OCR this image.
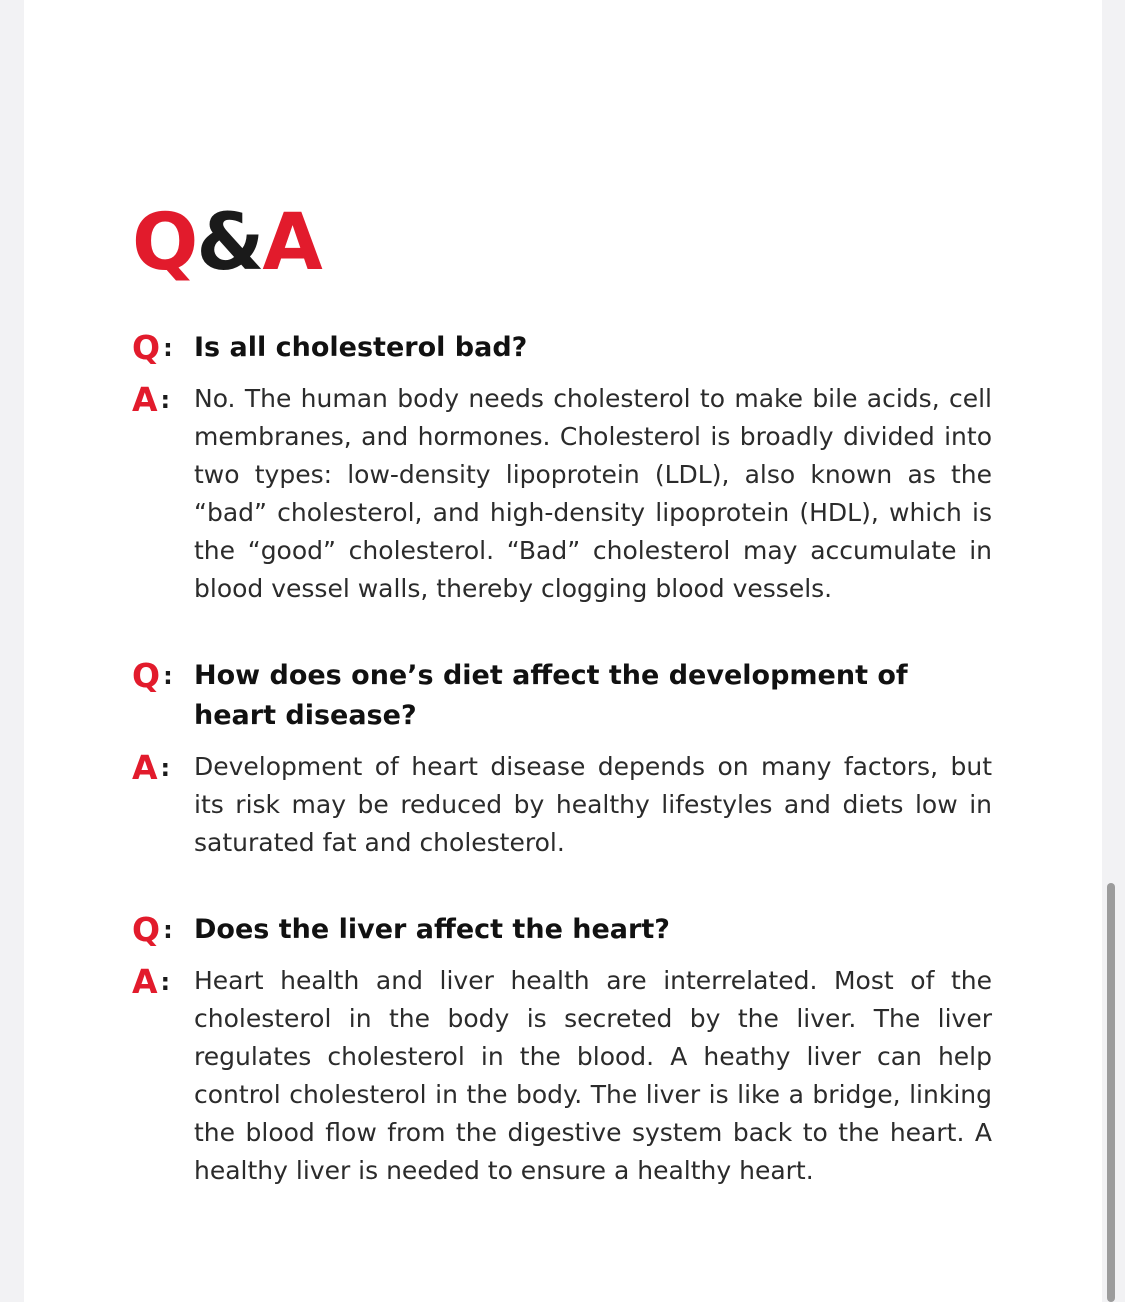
Q&A
Q : Is all cholesterol bad?
A : No. The human body needs cholesterol to make bile acids, cell membranes, and hormones. Cholesterol is broadly divided into two types: low-density lipoprotein (LDL), also known as the “bad” cholesterol, and high-density lipoprotein (HDL), which is the “good” cholesterol. “Bad” cholesterol may accumulate in blood vessel walls, thereby clogging blood vessels.
Q : How does one’s diet affect the development of heart disease?
A : Development of heart disease depends on many factors, but its risk may be reduced by healthy lifestyles and diets low in saturated fat and cholesterol.
Q : Does the liver affect the heart?
A : Heart health and liver health are interrelated. Most of the cholesterol in the body is secreted by the liver. The liver regulates cholesterol in the blood. A heathy liver can help control cholesterol in the body. The liver is like a bridge, linking the blood flow from the digestive system back to the heart. A healthy liver is needed to ensure a healthy heart.
